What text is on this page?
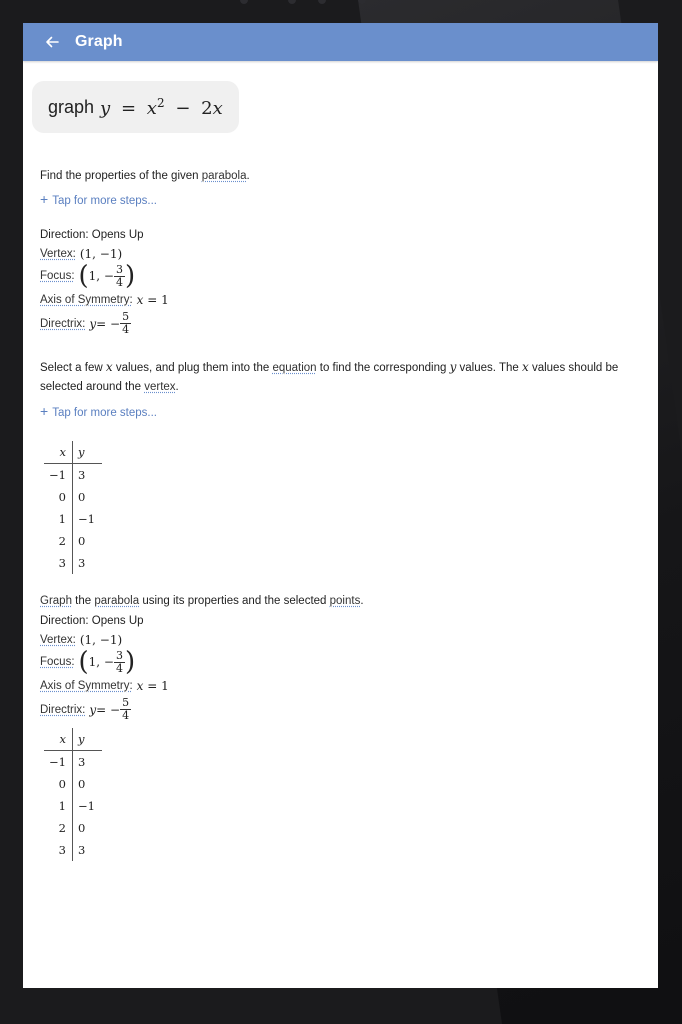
Graph
graph $y = x^2 - 2x$
Find the properties of the given parabola.
+ Tap for more steps...
Direction: Opens Up
Vertex: (1, −1)
Focus: ( 1, − $\frac{3}{4}$ )
Axis of Symmetry: x = 1
Directrix: y = − $\frac{5}{4}$
Select a few x values, and plug them into the equation to find the corresponding y values. The x values should be selected around the vertex.
+ Tap for more steps...
x	y
−1	3
0	0
1	−1
2	0
3	3
Graph the parabola using its properties and the selected points.
Direction: Opens Up
Vertex: (1, −1)
Focus: ( 1, − $\frac{3}{4}$ )
Axis of Symmetry: x = 1
Directrix: y = − $\frac{5}{4}$
x	y
−1	3
0	0
1	−1
2	0
3	3
